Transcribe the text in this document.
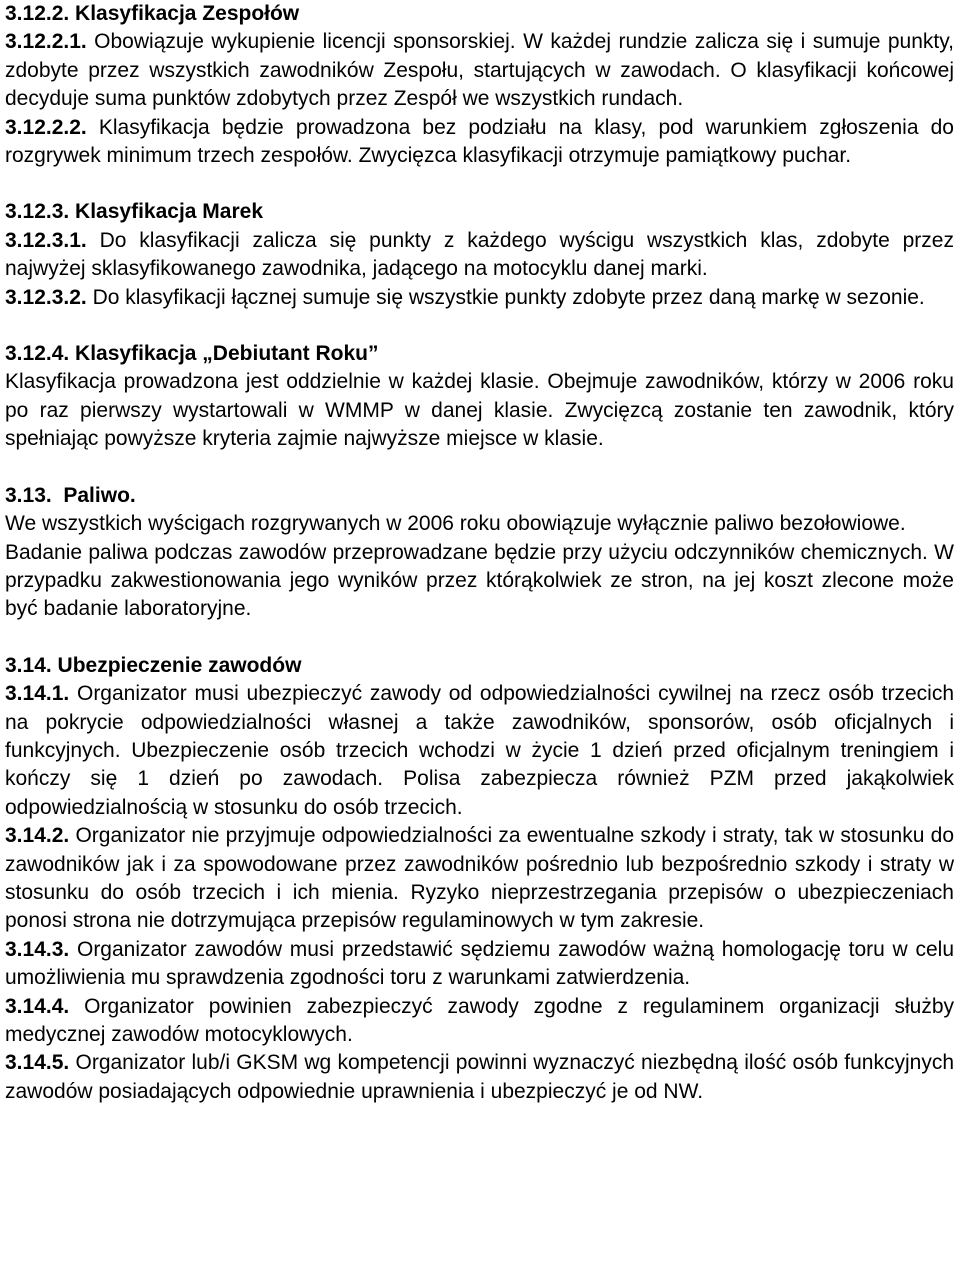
3.12.2. Klasyfikacja Zespołów

3.12.2.1. Obowiązuje wykupienie licencji sponsorskiej. W każdej rundzie zalicza się i sumuje punkty, zdobyte przez wszystkich zawodników Zespołu, startujących w zawodach. O klasyfikacji końcowej decyduje suma punktów zdobytych przez Zespół we wszystkich rundach.

3.12.2.2. Klasyfikacja będzie prowadzona bez podziału na klasy, pod warunkiem zgłoszenia do rozgrywek minimum trzech zespołów. Zwycięzca klasyfikacji otrzymuje pamiątkowy puchar.

3.12.3. Klasyfikacja Marek

3.12.3.1. Do klasyfikacji zalicza się punkty z każdego wyścigu wszystkich klas, zdobyte przez najwyżej sklasyfikowanego zawodnika, jadącego na motocyklu danej marki.

3.12.3.2. Do klasyfikacji łącznej sumuje się wszystkie punkty zdobyte przez daną markę w sezonie.

3.12.4. Klasyfikacja „Debiutant Roku”

Klasyfikacja prowadzona jest oddzielnie w każdej klasie. Obejmuje zawodników, którzy w 2006 roku po raz pierwszy wystartowali w WMMP w danej klasie. Zwycięzcą zostanie ten zawodnik, który spełniając powyższe kryteria zajmie najwyższe miejsce w klasie.

3.13.  Paliwo.

We wszystkich wyścigach rozgrywanych w 2006 roku obowiązuje wyłącznie paliwo bezołowiowe.

Badanie paliwa podczas zawodów przeprowadzane będzie przy użyciu odczynników chemicznych. W przypadku zakwestionowania jego wyników przez którąkolwiek ze stron, na jej koszt zlecone może być badanie laboratoryjne.

3.14. Ubezpieczenie zawodów

3.14.1. Organizator musi ubezpieczyć zawody od odpowiedzialności cywilnej na rzecz osób trzecich na pokrycie odpowiedzialności własnej a także zawodników, sponsorów, osób oficjalnych i funkcyjnych. Ubezpieczenie osób trzecich wchodzi w życie 1 dzień przed oficjalnym treningiem i kończy się 1 dzień po zawodach. Polisa zabezpiecza również PZM przed jakąkolwiek odpowiedzialnością w stosunku do osób trzecich.

3.14.2. Organizator nie przyjmuje odpowiedzialności za ewentualne szkody i straty, tak w stosunku do zawodników jak i za spowodowane przez zawodników pośrednio lub bezpośrednio szkody i straty w stosunku do osób trzecich i ich mienia. Ryzyko nieprzestrzegania przepisów o ubezpieczeniach ponosi strona nie dotrzymująca przepisów regulaminowych w tym zakresie.

3.14.3. Organizator zawodów musi przedstawić sędziemu zawodów ważną homologację toru w celu umożliwienia mu sprawdzenia zgodności toru z warunkami zatwierdzenia.

3.14.4. Organizator powinien zabezpieczyć zawody zgodne z regulaminem organizacji służby medycznej zawodów motocyklowych.

3.14.5. Organizator lub/i GKSM wg kompetencji powinni wyznaczyć niezbędną ilość osób funkcyjnych zawodów posiadających odpowiednie uprawnienia i ubezpieczyć je od NW.
